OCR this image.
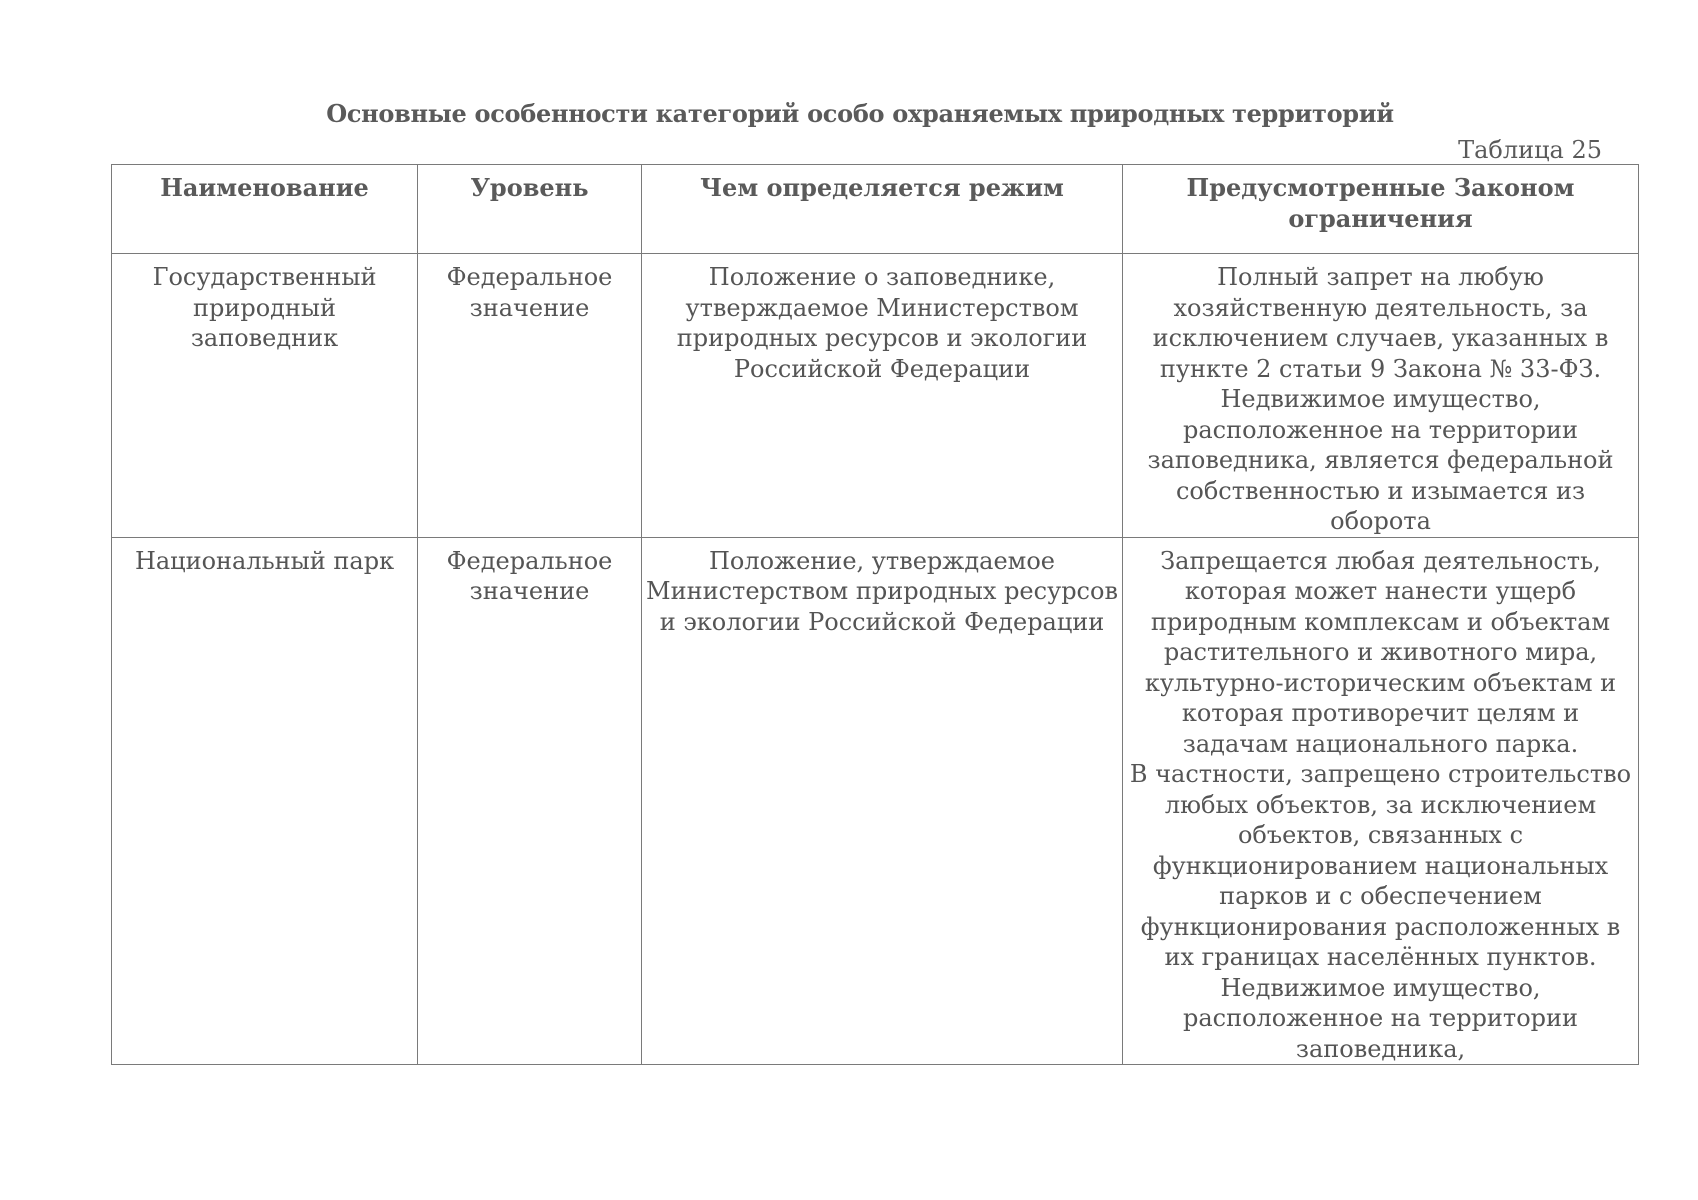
Основные особенности категорий особо охраняемых природных территорий
Таблица 25
Наименование	Уровень	Чем определяется режим	Предусмотренные Законом ограничения
Государственный природный заповедник	Федеральное значение	Положение о заповеднике, утверждаемое Министерством природных ресурсов и экологии Российской Федерации	Полный запрет на любую хозяйственную деятельность, за исключением случаев, указанных в пункте 2 статьи 9 Закона № 33-ФЗ.
Недвижимое имущество, расположенное на территории заповедника, является федеральной собственностью и изымается из оборота

Национальный парк	Федеральное значение	Положение, утверждаемое Министерством природных ресурсов и экологии Российской Федерации	Запрещается любая деятельность, которая может нанести ущерб природным комплексам и объектам растительного и животного мира, культурно-историческим объектам и которая противоречит целям и задачам национального парка.
В частности, запрещено строительство любых объектов, за исключением объектов, связанных с функционированием национальных парков и с обеспечением функционирования расположенных в их границах населённых пунктов.
Недвижимое имущество, расположенное на территории заповедника,
